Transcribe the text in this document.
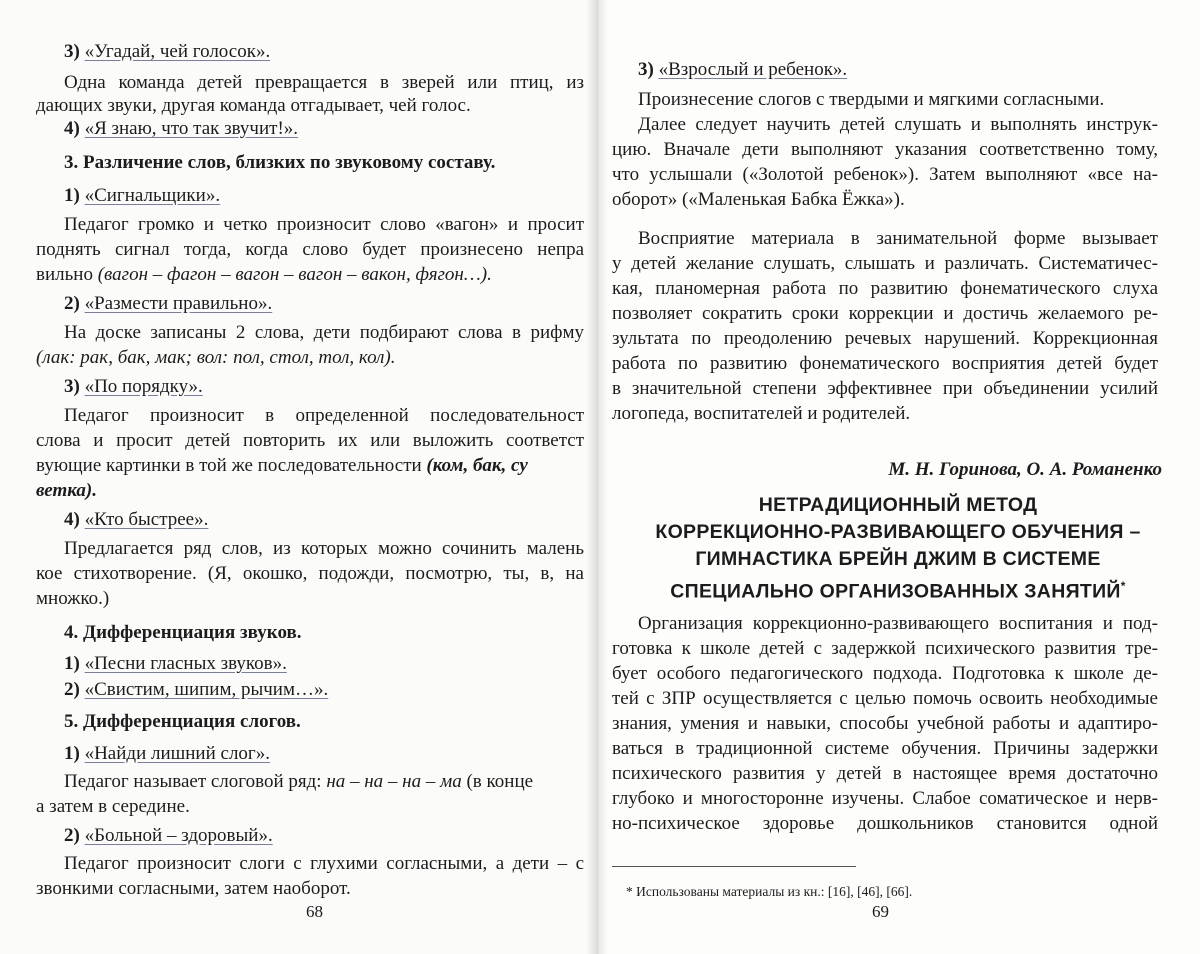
3) «Угадай, чей голосок».
Одна команда детей превращается в зверей или птиц, из
дающих звуки, другая команда отгадывает, чей голос.
4) «Я знаю, что так звучит!».
3. Различение слов, близких по звуковому составу.
1) «Сигнальщики».
Педагог громко и четко произносит слово «вагон» и просит
поднять сигнал тогда, когда слово будет произнесено непра
вильно (вагон – фагон – вагон – вагон – вакон, фягон…).
2) «Размести правильно».
На доске записаны 2 слова, дети подбирают слова в рифму
(лак: рак, бак, мак; вол: пол, стол, тол, кол).
3) «По порядку».
Педагог произносит в определенной последовательност
слова и просит детей повторить их или выложить соответст
вующие картинки в той же последовательности (ком, бак, су
ветка).
4) «Кто быстрее».
Предлагается ряд слов, из которых можно сочинить малень
кое стихотворение. (Я, окошко, подожди, посмотрю, ты, в, на
множко.)
4. Дифференциация звуков.
1) «Песни гласных звуков».
2) «Свистим, шипим, рычим…».
5. Дифференциация слогов.
1) «Найди лишний слог».
Педагог называет слоговой ряд: на – на – на – ма (в конце
а затем в середине.
2) «Больной – здоровый».
Педагог произносит слоги с глухими согласными, а дети – с
звонкими согласными, затем наоборот.
68
3) «Взрослый и ребенок».
Произнесение слогов с твердыми и мягкими согласными.
Далее следует научить детей слушать и выполнять инструк-
цию. Вначале дети выполняют указания соответственно тому,
что услышали («Золотой ребенок»). Затем выполняют «все на-
оборот» («Маленькая Бабка Ёжка»).
Восприятие материала в занимательной форме вызывает
у детей желание слушать, слышать и различать. Систематичес-
кая, планомерная работа по развитию фонематического слуха
позволяет сократить сроки коррекции и достичь желаемого ре-
зультата по преодолению речевых нарушений. Коррекционная
работа по развитию фонематического восприятия детей будет
в значительной степени эффективнее при объединении усилий
логопеда, воспитателей и родителей.
М. Н. Горинова, О. А. Романенко
НЕТРАДИЦИОННЫЙ МЕТОД
КОРРЕКЦИОННО-РАЗВИВАЮЩЕГО ОБУЧЕНИЯ –
ГИМНАСТИКА БРЕЙН ДЖИМ В СИСТЕМЕ
СПЕЦИАЛЬНО ОРГАНИЗОВАННЫХ ЗАНЯТИЙ*
Организация коррекционно-развивающего воспитания и под-
готовка к школе детей с задержкой психического развития тре-
бует особого педагогического подхода. Подготовка к школе де-
тей с ЗПР осуществляется с целью помочь освоить необходимые
знания, умения и навыки, способы учебной работы и адаптиро-
ваться в традиционной системе обучения. Причины задержки
психического развития у детей в настоящее время достаточно
глубоко и многосторонне изучены. Слабое соматическое и нерв-
но-психическое здоровье дошкольников становится одной
69
* Использованы материалы из кн.: [16], [46], [66].
